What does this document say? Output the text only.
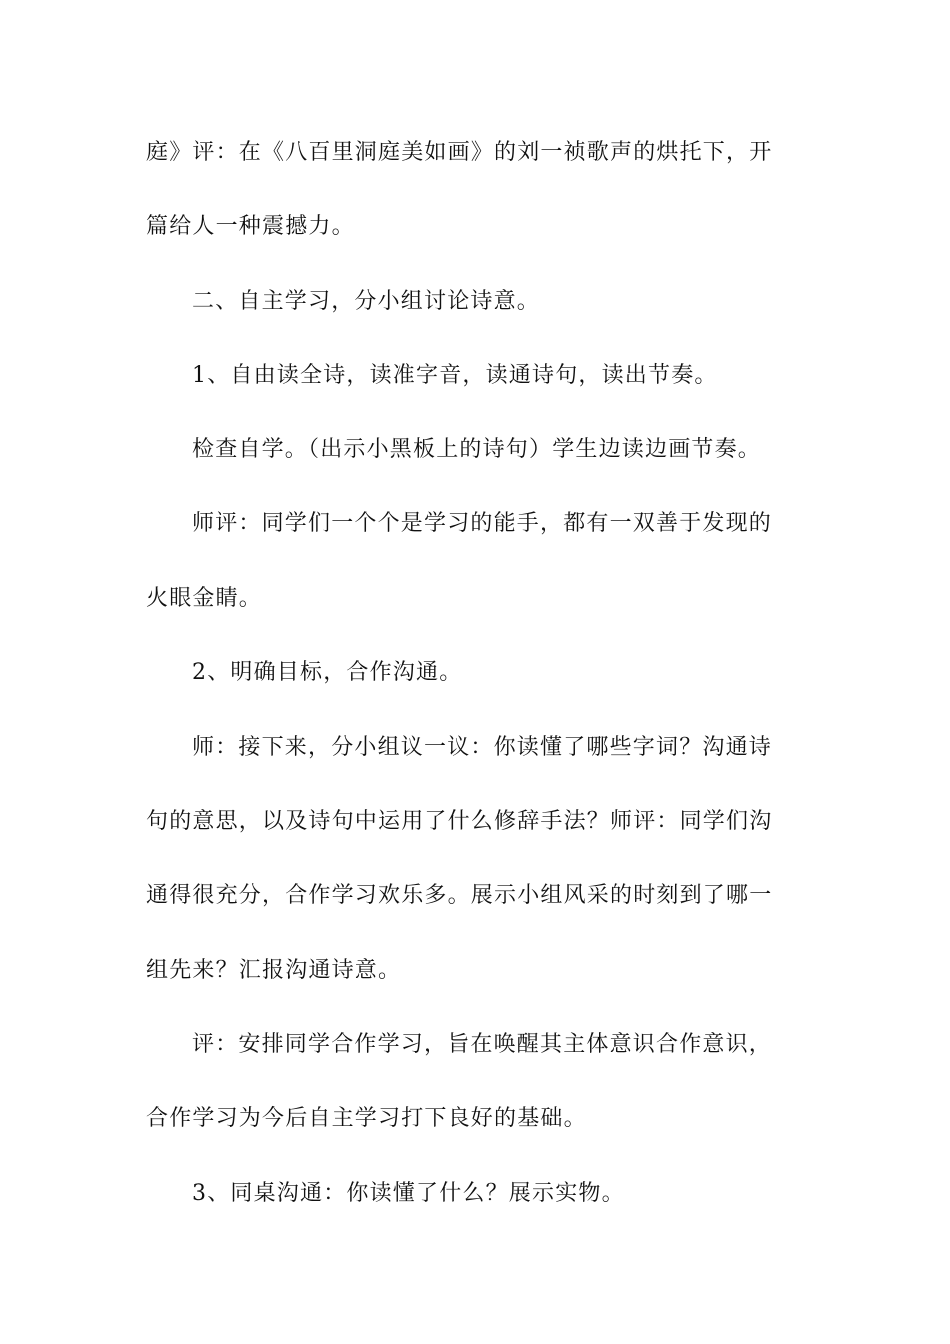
庭》评：在《八百里洞庭美如画》的刘一祯歌声的烘托下，开
篇给人一种震撼力。
二、自主学习，分小组讨论诗意。
1、自由读全诗，读准字音，读通诗句，读出节奏。
检查自学。（出示小黑板上的诗句）学生边读边画节奏。
师评：同学们一个个是学习的能手，都有一双善于发现的
火眼金睛。
2、明确目标，合作沟通。
师：接下来，分小组议一议：你读懂了哪些字词？沟通诗
句的意思，以及诗句中运用了什么修辞手法？师评：同学们沟
通得很充分，合作学习欢乐多。展示小组风采的时刻到了哪一
组先来？汇报沟通诗意。
评：安排同学合作学习，旨在唤醒其主体意识合作意识，
合作学习为今后自主学习打下良好的基础。
3、同桌沟通：你读懂了什么？展示实物。
